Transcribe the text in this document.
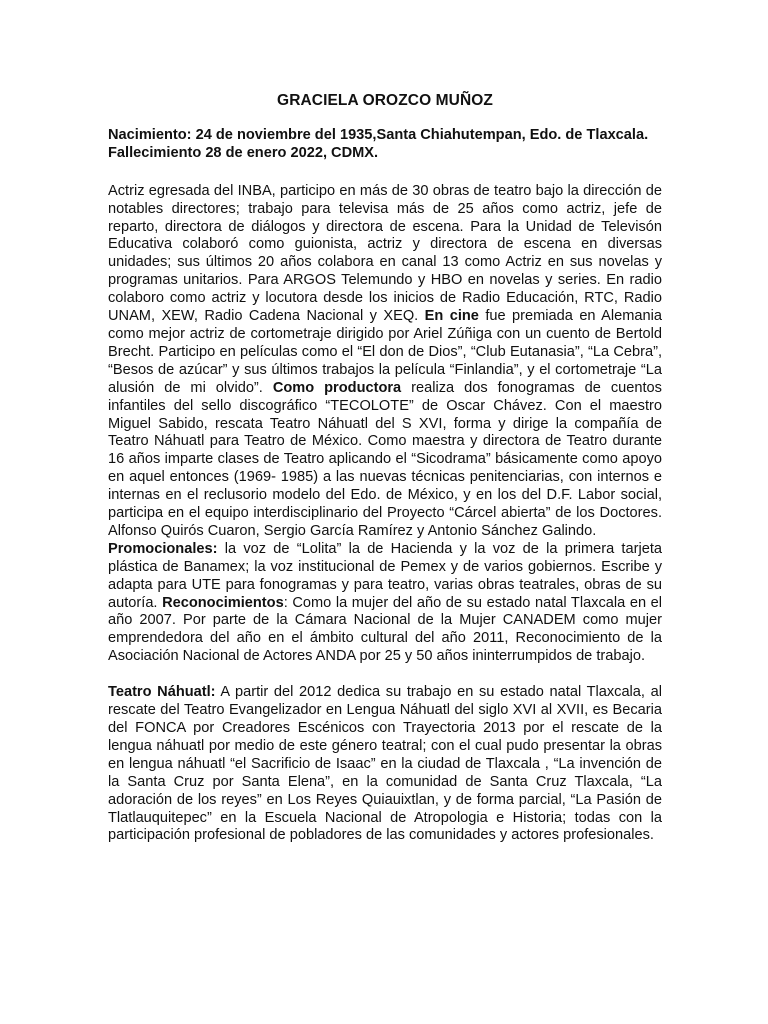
GRACIELA OROZCO MUÑOZ
Nacimiento: 24 de noviembre del 1935,Santa Chiahutempan, Edo. de Tlaxcala.
Fallecimiento 28 de enero 2022, CDMX.

Actriz egresada del INBA, participo en más de 30 obras de teatro bajo la dirección de notables directores; trabajo para televisa más de 25 años como actriz, jefe de reparto, directora de diálogos y directora de escena. Para la Unidad de Televisón Educativa colaboró como guionista, actriz y directora de escena en diversas unidades; sus últimos 20 años colabora en canal 13 como Actriz en sus novelas y programas unitarios. Para ARGOS Telemundo y HBO en novelas y series. En radio colaboro como actriz y locutora desde los inicios de Radio Educación, RTC, Radio UNAM, XEW, Radio Cadena Nacional y XEQ. En cine fue premiada en Alemania como mejor actriz de cortometraje dirigido por Ariel Zúñiga con un cuento de Bertold Brecht. Participo en películas como el “El don de Dios”, “Club Eutanasia”, “La Cebra”, “Besos de azúcar” y sus últimos trabajos la película “Finlandia”, y el cortometraje “La alusión de mi olvido”. Como productora realiza dos fonogramas de cuentos infantiles del sello discográfico “TECOLOTE” de Oscar Chávez. Con el maestro Miguel Sabido, rescata Teatro Náhuatl del S XVI, forma y dirige la compañía de Teatro Náhuatl para Teatro de México. Como maestra y directora de Teatro durante 16 años imparte clases de Teatro aplicando el “Sicodrama” básicamente como apoyo en aquel entonces (1969- 1985) a las nuevas técnicas penitenciarias, con internos e internas en el reclusorio modelo del Edo. de México, y en los del D.F. Labor social, participa en el equipo interdisciplinario del Proyecto “Cárcel abierta” de los Doctores. Alfonso Quirós Cuaron, Sergio García Ramírez y Antonio Sánchez Galindo.

Promocionales: la voz de “Lolita” la de Hacienda y la voz de la primera tarjeta plástica de Banamex; la voz institucional de Pemex y de varios gobiernos. Escribe y adapta para UTE para fonogramas y para teatro, varias obras teatrales, obras de su autoría. Reconocimientos: Como la mujer del año de su estado natal Tlaxcala en el año 2007. Por parte de la Cámara Nacional de la Mujer CANADEM como mujer emprendedora del año en el ámbito cultural del año 2011, Reconocimiento de la Asociación Nacional de Actores ANDA por 25 y 50 años ininterrumpidos de trabajo.

Teatro Náhuatl: A partir del 2012 dedica su trabajo en su estado natal Tlaxcala, al rescate del Teatro Evangelizador en Lengua Náhuatl del siglo XVI al XVII, es Becaria del FONCA por Creadores Escénicos con Trayectoria 2013 por el rescate de la lengua náhuatl por medio de este género teatral; con el cual pudo presentar la obras en lengua náhuatl “el Sacrificio de Isaac” en la ciudad de Tlaxcala , “La invención de la Santa Cruz por Santa Elena”, en la comunidad de Santa Cruz Tlaxcala, “La adoración de los reyes” en Los Reyes Quiauixtlan, y de forma parcial, “La Pasión de Tlatlauquitepec” en la Escuela Nacional de Atropologia e Historia; todas con la participación profesional de pobladores de las comunidades y actores profesionales.
